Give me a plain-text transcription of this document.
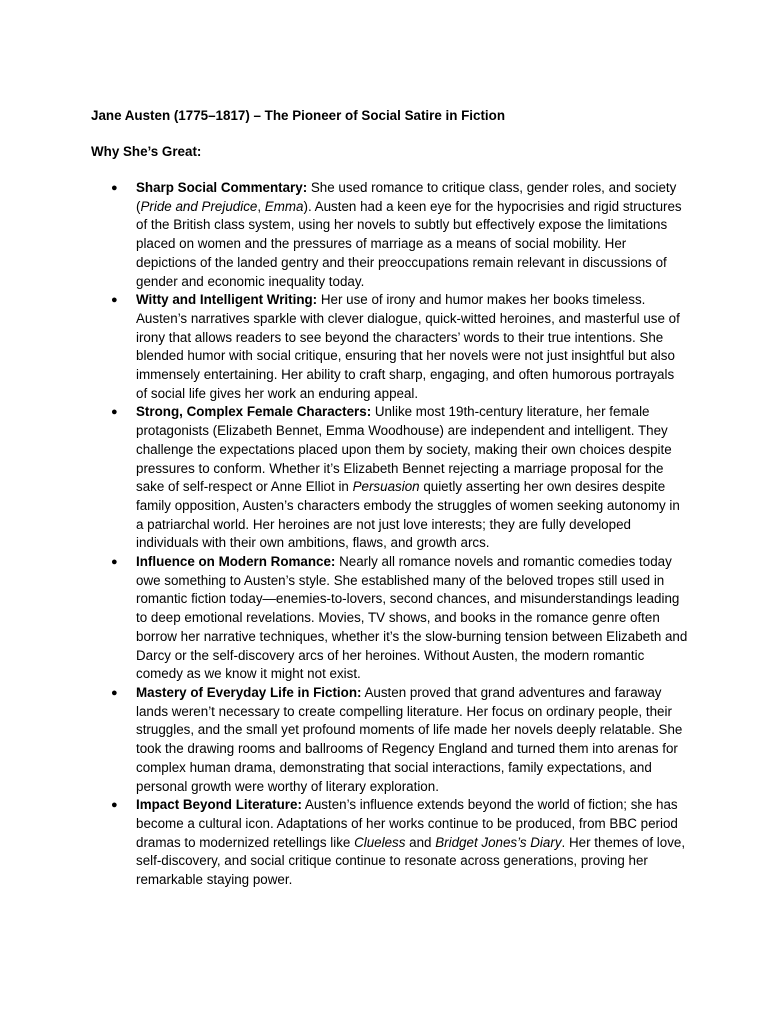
Jane Austen (1775–1817) – The Pioneer of Social Satire in Fiction

Why She’s Great:

● Sharp Social Commentary: She used romance to critique class, gender roles, and society (Pride and Prejudice, Emma). Austen had a keen eye for the hypocrisies and rigid structures of the British class system, using her novels to subtly but effectively expose the limitations placed on women and the pressures of marriage as a means of social mobility. Her depictions of the landed gentry and their preoccupations remain relevant in discussions of gender and economic inequality today.
● Witty and Intelligent Writing: Her use of irony and humor makes her books timeless. Austen’s narratives sparkle with clever dialogue, quick-witted heroines, and masterful use of irony that allows readers to see beyond the characters’ words to their true intentions. She blended humor with social critique, ensuring that her novels were not just insightful but also immensely entertaining. Her ability to craft sharp, engaging, and often humorous portrayals of social life gives her work an enduring appeal.
● Strong, Complex Female Characters: Unlike most 19th-century literature, her female protagonists (Elizabeth Bennet, Emma Woodhouse) are independent and intelligent. They challenge the expectations placed upon them by society, making their own choices despite pressures to conform. Whether it’s Elizabeth Bennet rejecting a marriage proposal for the sake of self-respect or Anne Elliot in Persuasion quietly asserting her own desires despite family opposition, Austen’s characters embody the struggles of women seeking autonomy in a patriarchal world. Her heroines are not just love interests; they are fully developed individuals with their own ambitions, flaws, and growth arcs.
● Influence on Modern Romance: Nearly all romance novels and romantic comedies today owe something to Austen’s style. She established many of the beloved tropes still used in romantic fiction today—enemies-to-lovers, second chances, and misunderstandings leading to deep emotional revelations. Movies, TV shows, and books in the romance genre often borrow her narrative techniques, whether it’s the slow-burning tension between Elizabeth and Darcy or the self-discovery arcs of her heroines. Without Austen, the modern romantic comedy as we know it might not exist.
● Mastery of Everyday Life in Fiction: Austen proved that grand adventures and faraway lands weren’t necessary to create compelling literature. Her focus on ordinary people, their struggles, and the small yet profound moments of life made her novels deeply relatable. She took the drawing rooms and ballrooms of Regency England and turned them into arenas for complex human drama, demonstrating that social interactions, family expectations, and personal growth were worthy of literary exploration.
● Impact Beyond Literature: Austen’s influence extends beyond the world of fiction; she has become a cultural icon. Adaptations of her works continue to be produced, from BBC period dramas to modernized retellings like Clueless and Bridget Jones’s Diary. Her themes of love, self-discovery, and social critique continue to resonate across generations, proving her remarkable staying power.
